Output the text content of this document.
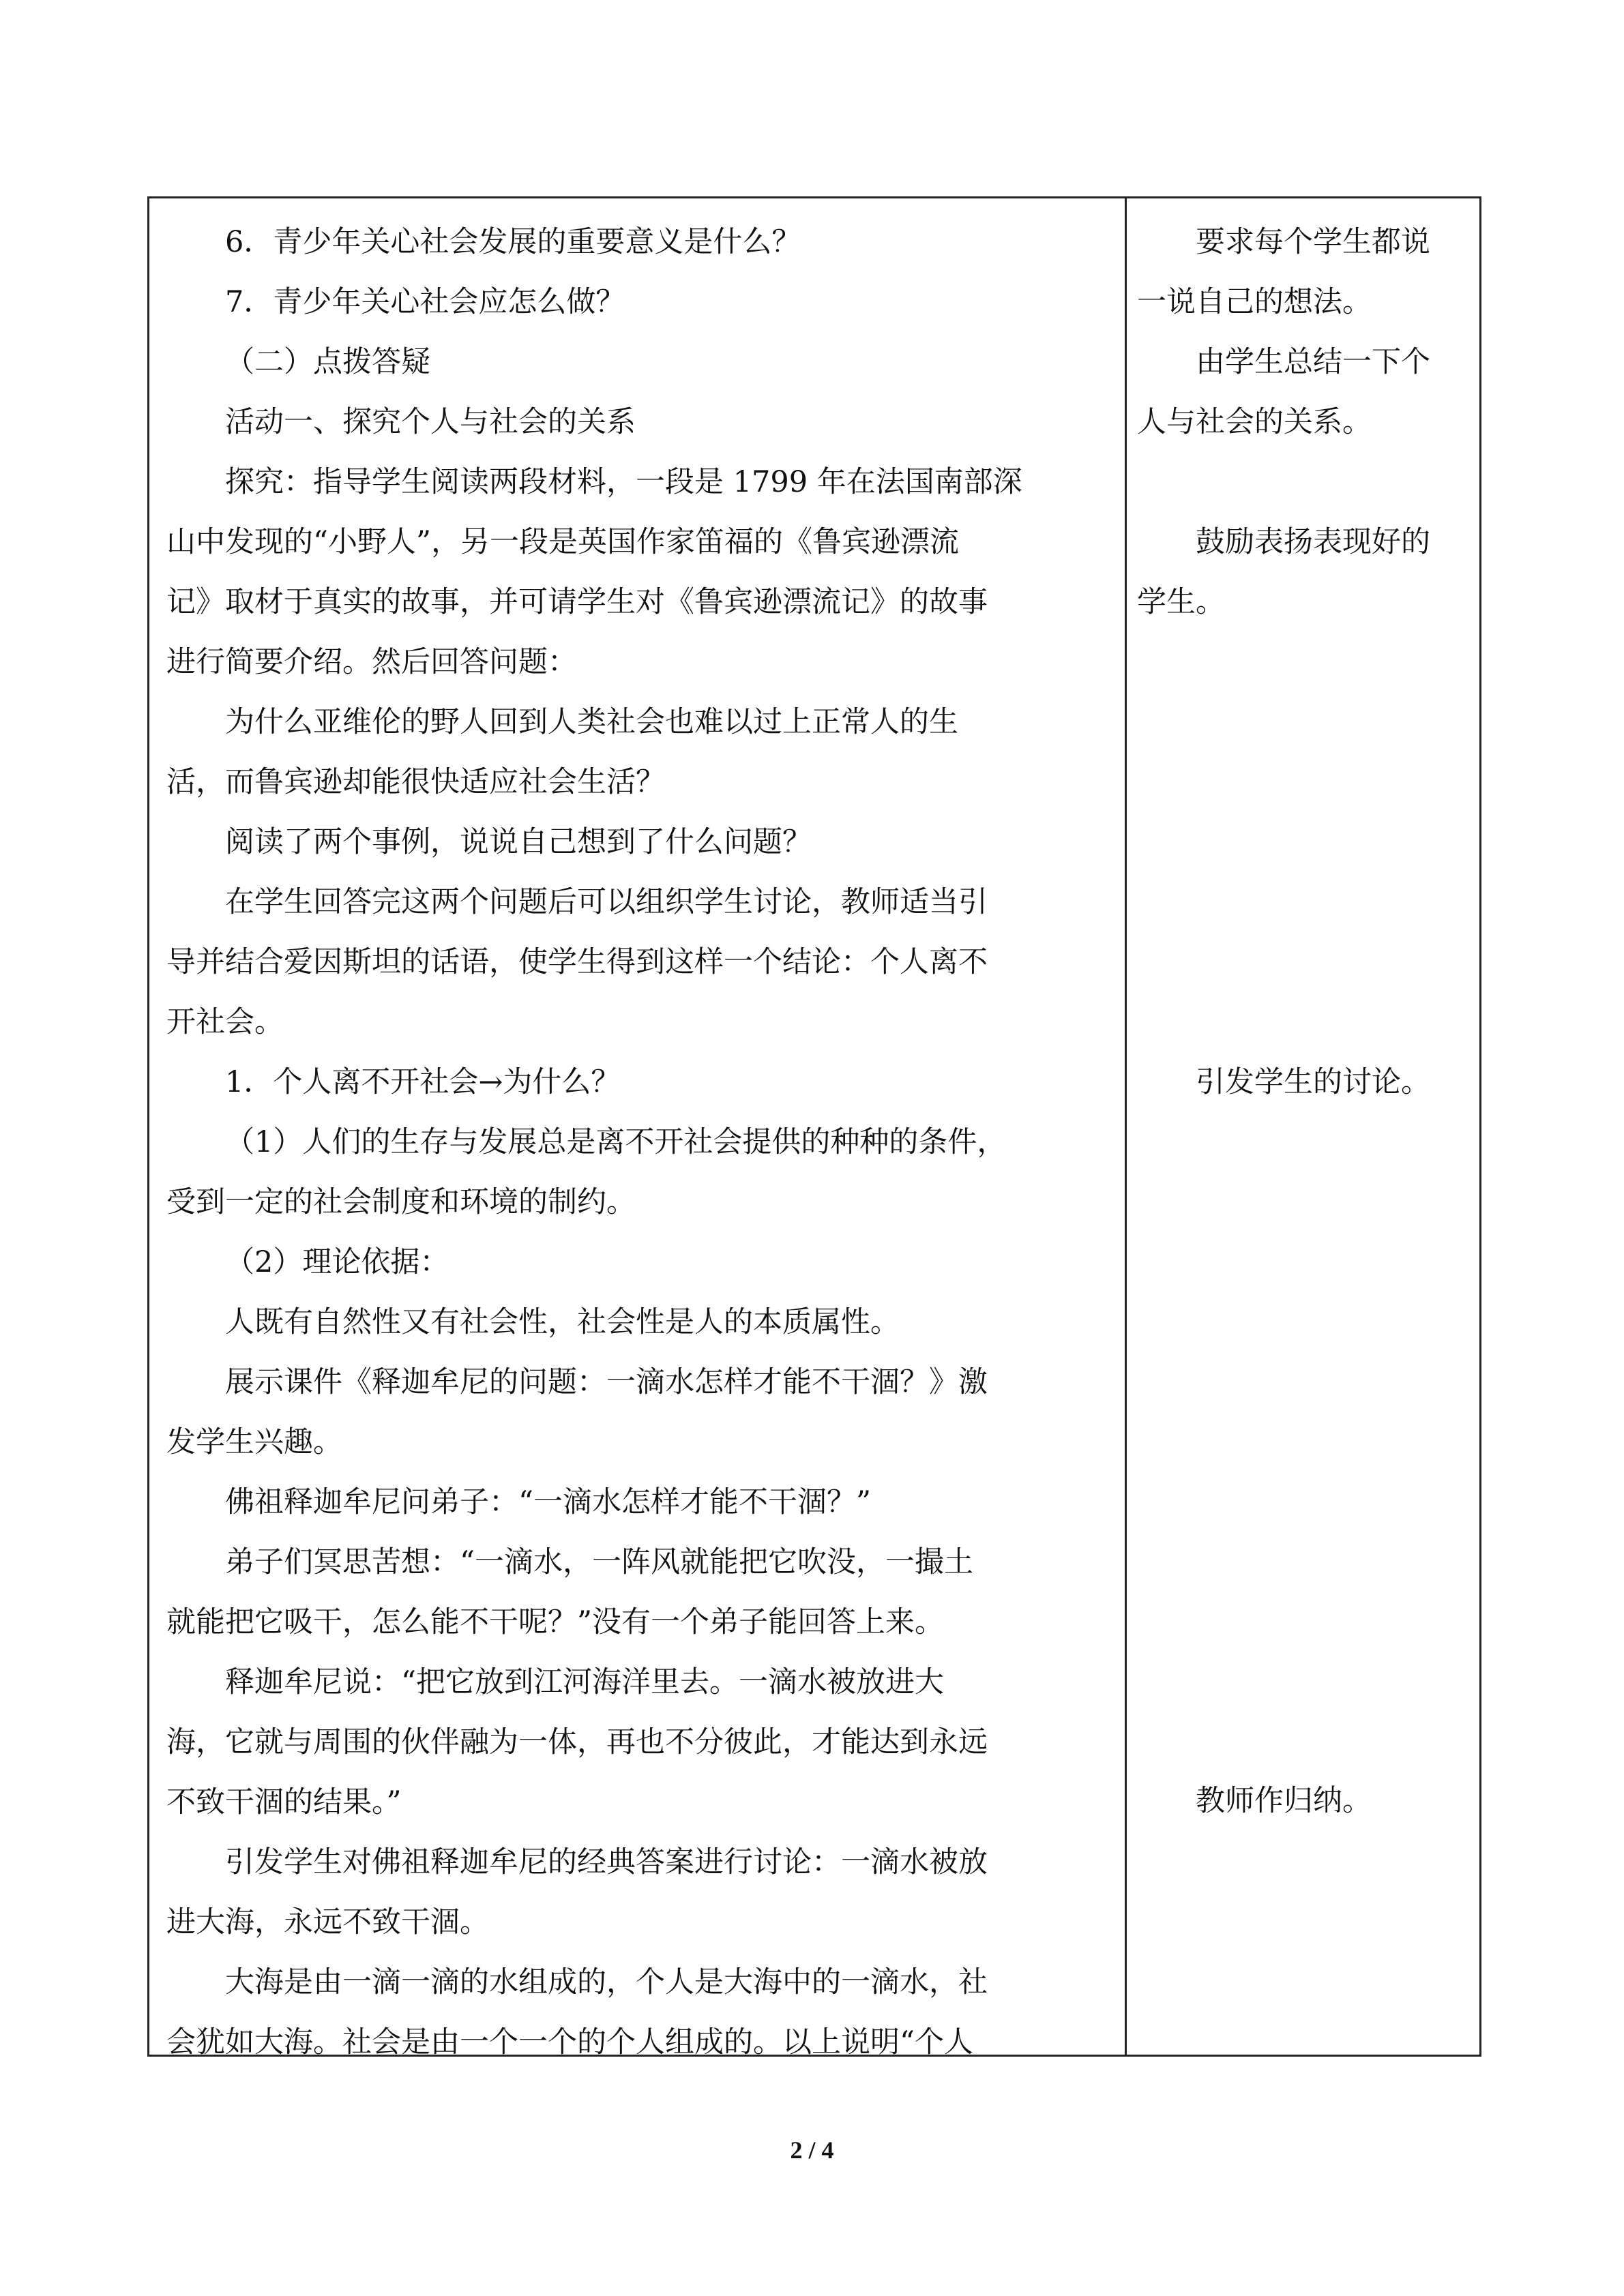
6．青少年关心社会发展的重要意义是什么？

7．青少年关心社会应怎么做？

（二）点拨答疑

活动一、探究个人与社会的关系

探究：指导学生阅读两段材料，一段是 1799 年在法国南部深

山中发现的“小野人”，另一段是英国作家笛福的《鲁宾逊漂流

记》取材于真实的故事，并可请学生对《鲁宾逊漂流记》的故事

进行简要介绍。然后回答问题：

为什么亚维伦的野人回到人类社会也难以过上正常人的生

活，而鲁宾逊却能很快适应社会生活？

阅读了两个事例，说说自己想到了什么问题？

在学生回答完这两个问题后可以组织学生讨论，教师适当引

导并结合爱因斯坦的话语，使学生得到这样一个结论：个人离不

开社会。

1．个人离不开社会→为什么？

（1）人们的生存与发展总是离不开社会提供的种种的条件，

受到一定的社会制度和环境的制约。

（2）理论依据：

人既有自然性又有社会性，社会性是人的本质属性。

展示课件《释迦牟尼的问题：一滴水怎样才能不干涸？》激

发学生兴趣。

佛祖释迦牟尼问弟子：“一滴水怎样才能不干涸？”

弟子们冥思苦想：“一滴水，一阵风就能把它吹没，一撮土

就能把它吸干，怎么能不干呢？”没有一个弟子能回答上来。

释迦牟尼说：“把它放到江河海洋里去。一滴水被放进大

海，它就与周围的伙伴融为一体，再也不分彼此，才能达到永远

不致干涸的结果。”

引发学生对佛祖释迦牟尼的经典答案进行讨论：一滴水被放

进大海，永远不致干涸。

大海是由一滴一滴的水组成的，个人是大海中的一滴水，社

会犹如大海。社会是由一个一个的个人组成的。以上说明“个人

要求每个学生都说

一说自己的想法。

由学生总结一下个

人与社会的关系。

鼓励表扬表现好的

学生。

引发学生的讨论。

教师作归纳。

2 / 4
